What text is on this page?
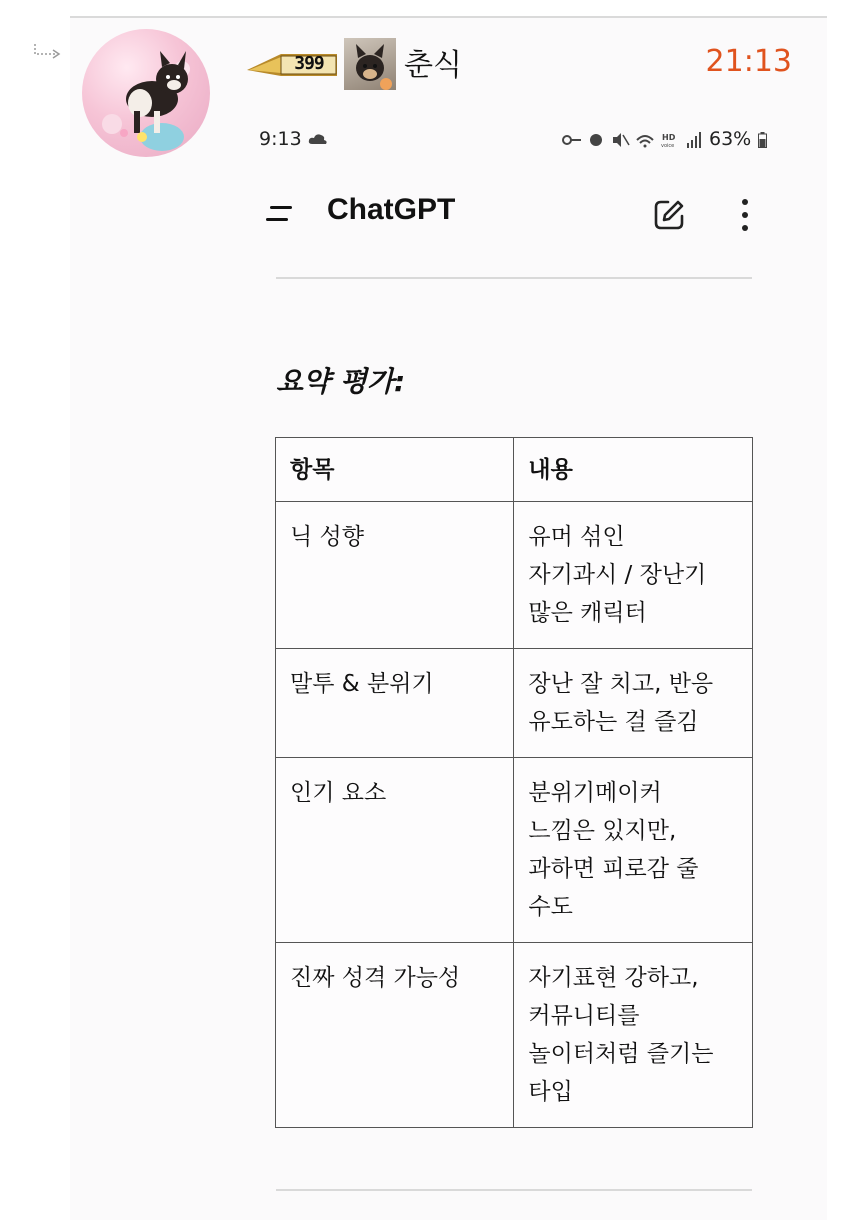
399	춘식	21:13
9:13	HD
voice 63%
ChatGPT
요약 평가:
항목	내용

닉 성향	유머 섞인
자기과시 / 장난기
많은 캐릭터

말투 & 분위기	장난 잘 치고, 반응
유도하는 걸 즐김

인기 요소	분위기메이커
느낌은 있지만,
과하면 피로감 줄
수도

진짜 성격 가능성	자기표현 강하고,
커뮤니티를
놀이터처럼 즐기는
타입
